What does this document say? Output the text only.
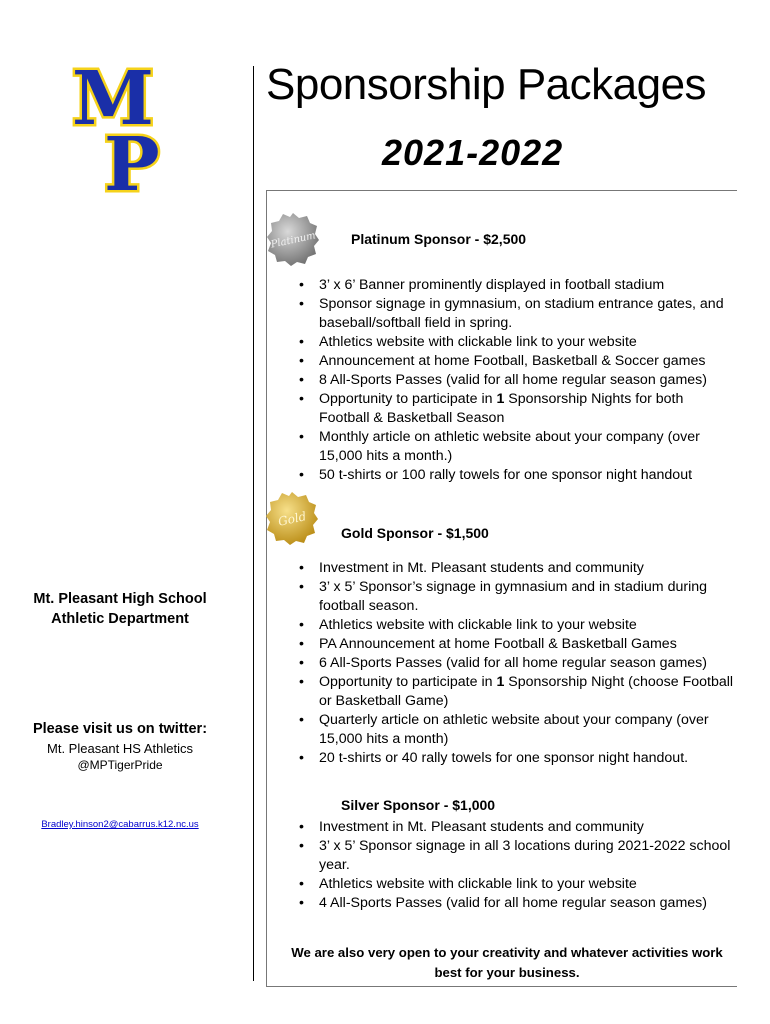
M
P
Sponsorship Packages
2021-2022
Platinum
Gold
Platinum Sponsor - $2,500
Gold Sponsor - $1,500
Silver Sponsor - $1,000
• 3’ x 6’ Banner prominently displayed in football stadium
• Sponsor signage in gymnasium, on stadium entrance gates, and baseball/softball field in spring.
• Athletics website with clickable link to your website
• Announcement at home Football, Basketball & Soccer games
• 8 All-Sports Passes (valid for all home regular season games)
• Opportunity to participate in 1 Sponsorship Nights for both Football & Basketball Season
• Monthly article on athletic website about your company (over 15,000 hits a month.)
• 50 t-shirts or 100 rally towels for one sponsor night handout
• Investment in Mt. Pleasant students and community
• 3’ x 5’ Sponsor’s signage in gymnasium and in stadium during football season.
• Athletics website with clickable link to your website
• PA Announcement at home Football & Basketball Games
• 6 All-Sports Passes (valid for all home regular season games)
• Opportunity to participate in 1 Sponsorship Night (choose Football or Basketball Game)
• Quarterly article on athletic website about your company (over 15,000 hits a month)
• 20 t-shirts or 40 rally towels for one sponsor night handout.
• Investment in Mt. Pleasant students and community
• 3’ x 5’ Sponsor signage in all 3 locations during 2021-2022 school year.
• Athletics website with clickable link to your website
• 4 All-Sports Passes (valid for all home regular season games)
We are also very open to your creativity and whatever activities work best for your business.
Mt. Pleasant High School
Athletic Department
Please visit us on twitter:
Mt. Pleasant HS Athletics
@MPTigerPride
Bradley.hinson2@cabarrus.k12.nc.us
